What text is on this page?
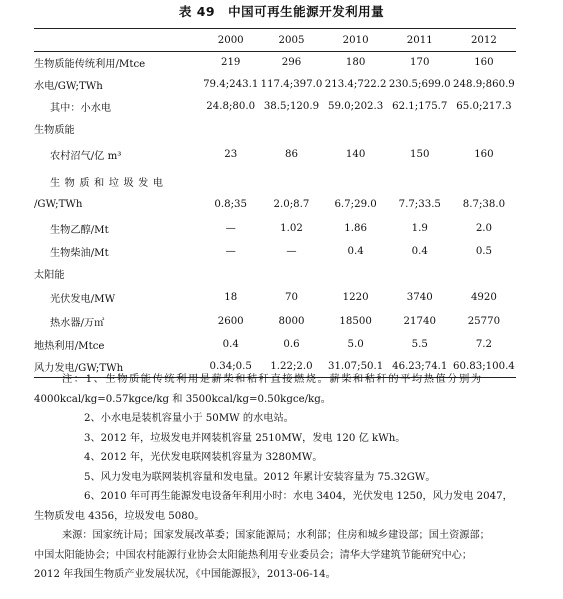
表 49　中国可再生能源开发利用量
	2000	2005	2010	2011	2012
生物质能传统利用/Mtce	219	296	180	170	160
水电/GW;TWh	79.4;243.1	117.4;397.0	213.4;722.2	230.5;699.0	248.9;860.9
其中：小水电	24.8;80.0	38.5;120.9	59.0;202.3	62.1;175.7	65.0;217.3
生物质能					
农村沼气/亿 m³	23	86	140	150	160
生物质和垃圾发电					
/GW;TWh	0.8;35	2.0;8.7	6.7;29.0	7.7;33.5	8.7;38.0
生物乙醇/Mt	—	1.02	1.86	1.9	2.0
生物柴油/Mt	—	—	0.4	0.4	0.5
太阳能					
光伏发电/MW	18	70	1220	3740	4920
热水器/万㎡	2600	8000	18500	21740	25770
地热利用/Mtce	0.4	0.6	5.0	5.5	7.2
风力发电/GW;TWh	0.34;0.5	1.22;2.0	31.07;50.1	46.23;74.1	60.83;100.4
注：1、生物质能传统利用是薪柴和秸秆直接燃烧。薪柴和秸秆的平均热值分别为
4000kcal/kg=0.57kgce/kg 和 3500kcal/kg=0.50kgce/kg。
2、小水电是装机容量小于 50MW 的水电站。
3、2012 年，垃圾发电并网装机容量 2510MW，发电 120 亿 kWh。
4、2012 年，光伏发电联网装机容量为 3280MW。
5、风力发电为联网装机容量和发电量。2012 年累计安装容量为 75.32GW。
6、2010 年可再生能源发电设备年利用小时：水电 3404，光伏发电 1250，风力发电 2047，
生物质发电 4356，垃圾发电 5080。
来源：国家统计局；国家发展改革委；国家能源局；水利部；住房和城乡建设部；国土资源部；
中国太阳能协会；中国农村能源行业协会太阳能热利用专业委员会；清华大学建筑节能研究中心；
2012 年我国生物质产业发展状况，《中国能源报》，2013-06-14。
